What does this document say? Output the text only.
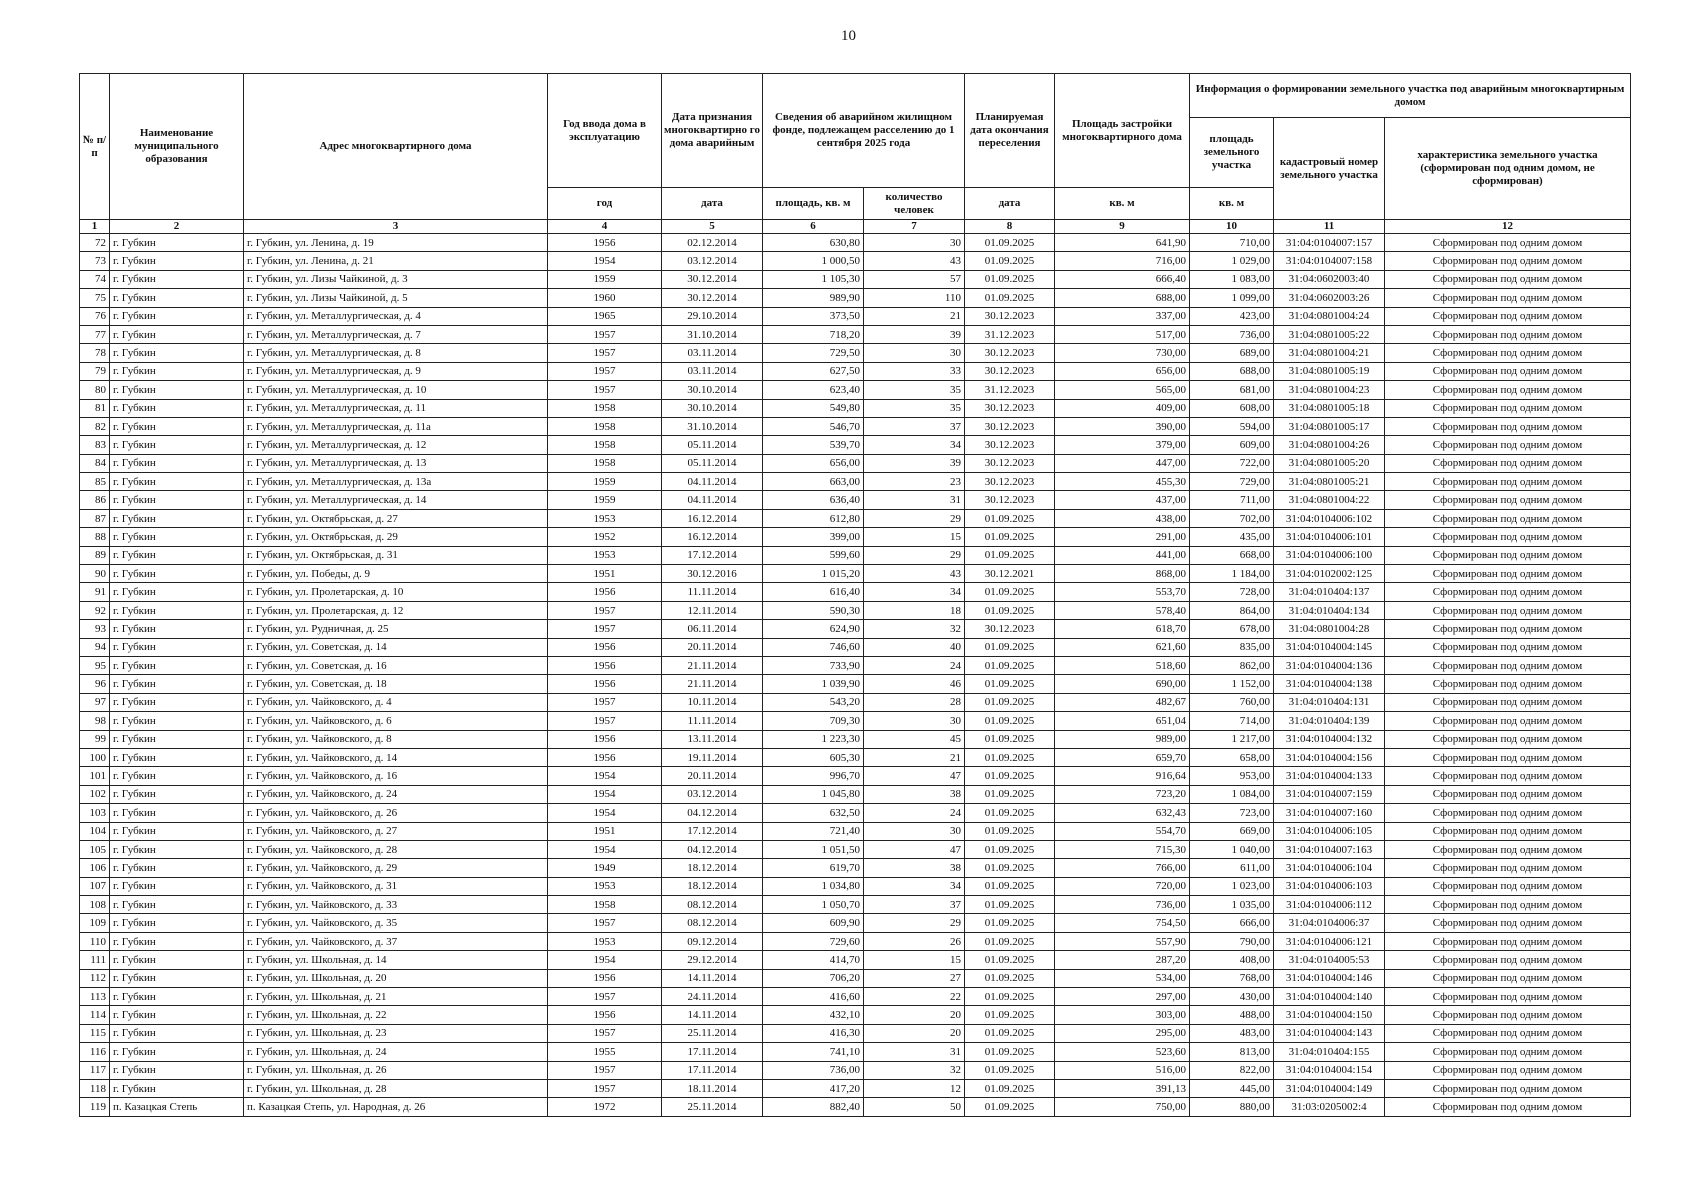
10
№ п/п	Наименование муниципального образования	Адрес многоквартирного дома	Год ввода дома в эксплуатацию	Дата признания многоквартирно го дома аварийным	Сведения об аварийном жилищном фонде, подлежащем расселению до 1 сентября 2025 года		Планируемая дата окончания переселения	Площадь застройки многоквартирного дома	Информация о формировании земельного участка под аварийным многоквартирным домом		
									площадь земельного участка	кадастровый номер земельного участка	характеристика земельного участка (сформирован под одним домом, не сформирован)
			год	дата	площадь, кв. м	количество человек	дата	кв. м	кв. м		
1	2	3	4	5	6	7	8	9	10	11	12
72	г. Губкин	г. Губкин, ул. Ленина, д. 19	1956	02.12.2014	630,80	30	01.09.2025	641,90	710,00	31:04:0104007:157	Сформирован под одним домом
73	г. Губкин	г. Губкин, ул. Ленина, д. 21	1954	03.12.2014	1 000,50	43	01.09.2025	716,00	1 029,00	31:04:0104007:158	Сформирован под одним домом
74	г. Губкин	г. Губкин, ул. Лизы Чайкиной, д. 3	1959	30.12.2014	1 105,30	57	01.09.2025	666,40	1 083,00	31:04:0602003:40	Сформирован под одним домом
75	г. Губкин	г. Губкин, ул. Лизы Чайкиной, д. 5	1960	30.12.2014	989,90	110	01.09.2025	688,00	1 099,00	31:04:0602003:26	Сформирован под одним домом
76	г. Губкин	г. Губкин, ул. Металлургическая, д. 4	1965	29.10.2014	373,50	21	30.12.2023	337,00	423,00	31:04:0801004:24	Сформирован под одним домом
77	г. Губкин	г. Губкин, ул. Металлургическая, д. 7	1957	31.10.2014	718,20	39	31.12.2023	517,00	736,00	31:04:0801005:22	Сформирован под одним домом
78	г. Губкин	г. Губкин, ул. Металлургическая, д. 8	1957	03.11.2014	729,50	30	30.12.2023	730,00	689,00	31:04:0801004:21	Сформирован под одним домом
79	г. Губкин	г. Губкин, ул. Металлургическая, д. 9	1957	03.11.2014	627,50	33	30.12.2023	656,00	688,00	31:04:0801005:19	Сформирован под одним домом
80	г. Губкин	г. Губкин, ул. Металлургическая, д. 10	1957	30.10.2014	623,40	35	31.12.2023	565,00	681,00	31:04:0801004:23	Сформирован под одним домом
81	г. Губкин	г. Губкин, ул. Металлургическая, д. 11	1958	30.10.2014	549,80	35	30.12.2023	409,00	608,00	31:04:0801005:18	Сформирован под одним домом
82	г. Губкин	г. Губкин, ул. Металлургическая, д. 11а	1958	31.10.2014	546,70	37	30.12.2023	390,00	594,00	31:04:0801005:17	Сформирован под одним домом
83	г. Губкин	г. Губкин, ул. Металлургическая, д. 12	1958	05.11.2014	539,70	34	30.12.2023	379,00	609,00	31:04:0801004:26	Сформирован под одним домом
84	г. Губкин	г. Губкин, ул. Металлургическая, д. 13	1958	05.11.2014	656,00	39	30.12.2023	447,00	722,00	31:04:0801005:20	Сформирован под одним домом
85	г. Губкин	г. Губкин, ул. Металлургическая, д. 13а	1959	04.11.2014	663,00	23	30.12.2023	455,30	729,00	31:04:0801005:21	Сформирован под одним домом
86	г. Губкин	г. Губкин, ул. Металлургическая, д. 14	1959	04.11.2014	636,40	31	30.12.2023	437,00	711,00	31:04:0801004:22	Сформирован под одним домом
87	г. Губкин	г. Губкин, ул. Октябрьская, д. 27	1953	16.12.2014	612,80	29	01.09.2025	438,00	702,00	31:04:0104006:102	Сформирован под одним домом
88	г. Губкин	г. Губкин, ул. Октябрьская, д. 29	1952	16.12.2014	399,00	15	01.09.2025	291,00	435,00	31:04:0104006:101	Сформирован под одним домом
89	г. Губкин	г. Губкин, ул. Октябрьская, д. 31	1953	17.12.2014	599,60	29	01.09.2025	441,00	668,00	31:04:0104006:100	Сформирован под одним домом
90	г. Губкин	г. Губкин, ул. Победы, д. 9	1951	30.12.2016	1 015,20	43	30.12.2021	868,00	1 184,00	31:04:0102002:125	Сформирован под одним домом
91	г. Губкин	г. Губкин, ул. Пролетарская, д. 10	1956	11.11.2014	616,40	34	01.09.2025	553,70	728,00	31:04:010404:137	Сформирован под одним домом
92	г. Губкин	г. Губкин, ул. Пролетарская, д. 12	1957	12.11.2014	590,30	18	01.09.2025	578,40	864,00	31:04:010404:134	Сформирован под одним домом
93	г. Губкин	г. Губкин, ул. Рудничная, д. 25	1957	06.11.2014	624,90	32	30.12.2023	618,70	678,00	31:04:0801004:28	Сформирован под одним домом
94	г. Губкин	г. Губкин, ул. Советская, д. 14	1956	20.11.2014	746,60	40	01.09.2025	621,60	835,00	31:04:0104004:145	Сформирован под одним домом
95	г. Губкин	г. Губкин, ул. Советская, д. 16	1956	21.11.2014	733,90	24	01.09.2025	518,60	862,00	31:04:0104004:136	Сформирован под одним домом
96	г. Губкин	г. Губкин, ул. Советская, д. 18	1956	21.11.2014	1 039,90	46	01.09.2025	690,00	1 152,00	31:04:0104004:138	Сформирован под одним домом
97	г. Губкин	г. Губкин, ул. Чайковского, д. 4	1957	10.11.2014	543,20	28	01.09.2025	482,67	760,00	31:04:010404:131	Сформирован под одним домом
98	г. Губкин	г. Губкин, ул. Чайковского, д. 6	1957	11.11.2014	709,30	30	01.09.2025	651,04	714,00	31:04:010404:139	Сформирован под одним домом
99	г. Губкин	г. Губкин, ул. Чайковского, д. 8	1956	13.11.2014	1 223,30	45	01.09.2025	989,00	1 217,00	31:04:0104004:132	Сформирован под одним домом
100	г. Губкин	г. Губкин, ул. Чайковского, д. 14	1956	19.11.2014	605,30	21	01.09.2025	659,70	658,00	31:04:0104004:156	Сформирован под одним домом
101	г. Губкин	г. Губкин, ул. Чайковского, д. 16	1954	20.11.2014	996,70	47	01.09.2025	916,64	953,00	31:04:0104004:133	Сформирован под одним домом
102	г. Губкин	г. Губкин, ул. Чайковского, д. 24	1954	03.12.2014	1 045,80	38	01.09.2025	723,20	1 084,00	31:04:0104007:159	Сформирован под одним домом
103	г. Губкин	г. Губкин, ул. Чайковского, д. 26	1954	04.12.2014	632,50	24	01.09.2025	632,43	723,00	31:04:0104007:160	Сформирован под одним домом
104	г. Губкин	г. Губкин, ул. Чайковского, д. 27	1951	17.12.2014	721,40	30	01.09.2025	554,70	669,00	31:04:0104006:105	Сформирован под одним домом
105	г. Губкин	г. Губкин, ул. Чайковского, д. 28	1954	04.12.2014	1 051,50	47	01.09.2025	715,30	1 040,00	31:04:0104007:163	Сформирован под одним домом
106	г. Губкин	г. Губкин, ул. Чайковского, д. 29	1949	18.12.2014	619,70	38	01.09.2025	766,00	611,00	31:04:0104006:104	Сформирован под одним домом
107	г. Губкин	г. Губкин, ул. Чайковского, д. 31	1953	18.12.2014	1 034,80	34	01.09.2025	720,00	1 023,00	31:04:0104006:103	Сформирован под одним домом
108	г. Губкин	г. Губкин, ул. Чайковского, д. 33	1958	08.12.2014	1 050,70	37	01.09.2025	736,00	1 035,00	31:04:0104006:112	Сформирован под одним домом
109	г. Губкин	г. Губкин, ул. Чайковского, д. 35	1957	08.12.2014	609,90	29	01.09.2025	754,50	666,00	31:04:0104006:37	Сформирован под одним домом
110	г. Губкин	г. Губкин, ул. Чайковского, д. 37	1953	09.12.2014	729,60	26	01.09.2025	557,90	790,00	31:04:0104006:121	Сформирован под одним домом
111	г. Губкин	г. Губкин, ул. Школьная, д. 14	1954	29.12.2014	414,70	15	01.09.2025	287,20	408,00	31:04:0104005:53	Сформирован под одним домом
112	г. Губкин	г. Губкин, ул. Школьная, д. 20	1956	14.11.2014	706,20	27	01.09.2025	534,00	768,00	31:04:0104004:146	Сформирован под одним домом
113	г. Губкин	г. Губкин, ул. Школьная, д. 21	1957	24.11.2014	416,60	22	01.09.2025	297,00	430,00	31:04:0104004:140	Сформирован под одним домом
114	г. Губкин	г. Губкин, ул. Школьная, д. 22	1956	14.11.2014	432,10	20	01.09.2025	303,00	488,00	31:04:0104004:150	Сформирован под одним домом
115	г. Губкин	г. Губкин, ул. Школьная, д. 23	1957	25.11.2014	416,30	20	01.09.2025	295,00	483,00	31:04:0104004:143	Сформирован под одним домом
116	г. Губкин	г. Губкин, ул. Школьная, д. 24	1955	17.11.2014	741,10	31	01.09.2025	523,60	813,00	31:04:010404:155	Сформирован под одним домом
117	г. Губкин	г. Губкин, ул. Школьная, д. 26	1957	17.11.2014	736,00	32	01.09.2025	516,00	822,00	31:04:0104004:154	Сформирован под одним домом
118	г. Губкин	г. Губкин, ул. Школьная, д. 28	1957	18.11.2014	417,20	12	01.09.2025	391,13	445,00	31:04:0104004:149	Сформирован под одним домом
119	п. Казацкая Степь	п. Казацкая Степь, ул. Народная, д. 26	1972	25.11.2014	882,40	50	01.09.2025	750,00	880,00	31:03:0205002:4	Сформирован под одним домом
